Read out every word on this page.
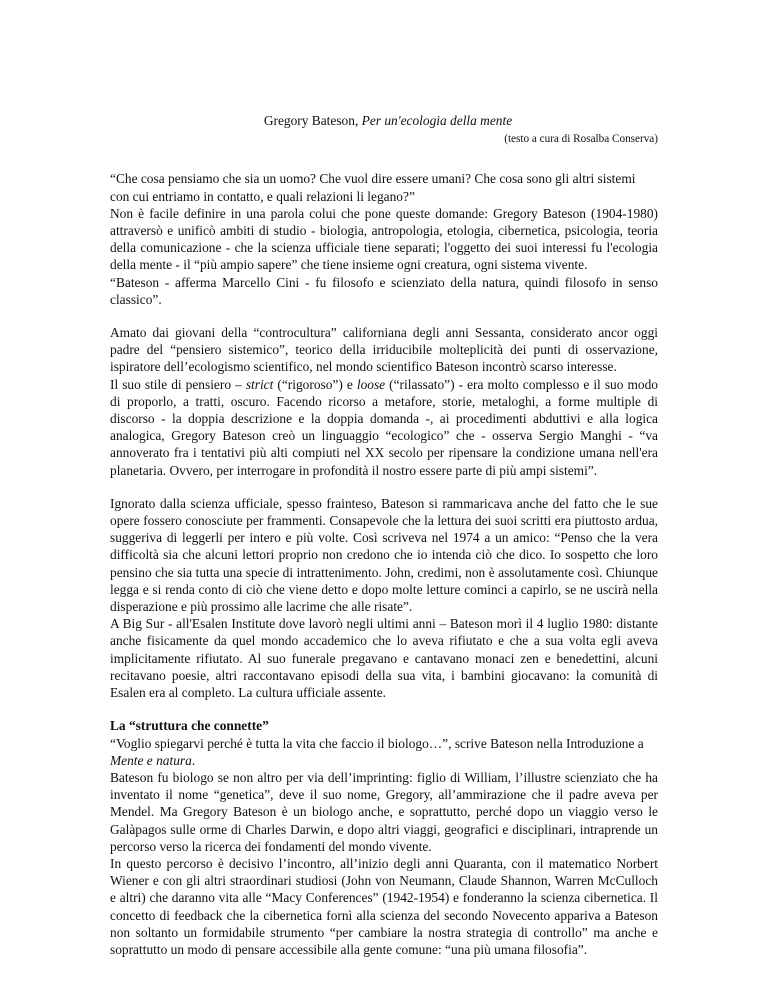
Gregory Bateson, Per un'ecologia della mente

(testo a cura di Rosalba Conserva)

“Che cosa pensiamo che sia un uomo? Che vuol dire essere umani? Che cosa sono gli altri sistemi con cui entriamo in contatto, e quali relazioni li legano?”

Non è facile definire in una parola colui che pone queste domande: Gregory Bateson (1904-1980) attraversò e unificò ambiti di studio - biologia, antropologia, etologia, cibernetica, psicologia, teoria della comunicazione - che la scienza ufficiale tiene separati; l'oggetto dei suoi interessi fu l'ecologia della mente - il “più ampio sapere” che tiene insieme ogni creatura, ogni sistema vivente.

“Bateson - afferma Marcello Cini - fu filosofo e scienziato della natura, quindi filosofo in senso classico”.

Amato dai giovani della “controcultura” californiana degli anni Sessanta, considerato ancor oggi padre del “pensiero sistemico”, teorico della irriducibile molteplicità dei punti di osservazione, ispiratore dell’ecologismo scientifico, nel mondo scientifico Bateson incontrò scarso interesse.

Il suo stile di pensiero – strict (“rigoroso”) e loose (“rilassato”) - era molto complesso e il suo modo di proporlo, a tratti, oscuro. Facendo ricorso a metafore, storie, metaloghi, a forme multiple di discorso - la doppia descrizione e la doppia domanda -, ai procedimenti abduttivi e alla logica analogica, Gregory Bateson creò un linguaggio “ecologico” che - osserva Sergio Manghi - “va annoverato fra i tentativi più alti compiuti nel XX secolo per ripensare la condizione umana nell'era planetaria. Ovvero, per interrogare in profondità il nostro essere parte di più ampi sistemi”.

Ignorato dalla scienza ufficiale, spesso frainteso, Bateson si rammaricava anche del fatto che le sue opere fossero conosciute per frammenti. Consapevole che la lettura dei suoi scritti era piuttosto ardua, suggeriva di leggerli per intero e più volte. Così scriveva nel 1974 a un amico: “Penso che la vera difficoltà sia che alcuni lettori proprio non credono che io intenda ciò che dico. Io sospetto che loro pensino che sia tutta una specie di intrattenimento. John, credimi, non è assolutamente così. Chiunque legga e si renda conto di ciò che viene detto e dopo molte letture cominci a capirlo, se ne uscirà nella disperazione e più prossimo alle lacrime che alle risate”.

A Big Sur - all'Esalen Institute dove lavorò negli ultimi anni – Bateson morì il 4 luglio 1980: distante anche fisicamente da quel mondo accademico che lo aveva rifiutato e che a sua volta egli aveva implicitamente rifiutato. Al suo funerale pregavano e cantavano monaci zen e benedettini, alcuni recitavano poesie, altri raccontavano episodi della sua vita, i bambini giocavano: la comunità di Esalen era al completo. La cultura ufficiale assente.

La “struttura che connette”

“Voglio spiegarvi perché è tutta la vita che faccio il biologo…”, scrive Bateson nella Introduzione a Mente e natura.

Bateson fu biologo se non altro per via dell’imprinting: figlio di William, l’illustre scienziato che ha inventato il nome “genetica”, deve il suo nome, Gregory, all’ammirazione che il padre aveva per Mendel. Ma Gregory Bateson è un biologo anche, e soprattutto, perché dopo un viaggio verso le Galàpagos sulle orme di Charles Darwin, e dopo altri viaggi, geografici e disciplinari, intraprende un percorso verso la ricerca dei fondamenti del mondo vivente.

In questo percorso è decisivo l’incontro, all’inizio degli anni Quaranta, con il matematico Norbert Wiener e con gli altri straordinari studiosi (John von Neumann, Claude Shannon, Warren McCulloch e altri) che daranno vita alle “Macy Conferences” (1942-1954) e fonderanno la scienza cibernetica. Il concetto di feedback che la cibernetica fornì alla scienza del secondo Novecento appariva a Bateson non soltanto un formidabile strumento “per cambiare la nostra strategia di controllo” ma anche e soprattutto un modo di pensare accessibile alla gente comune: “una più umana filosofia”.
